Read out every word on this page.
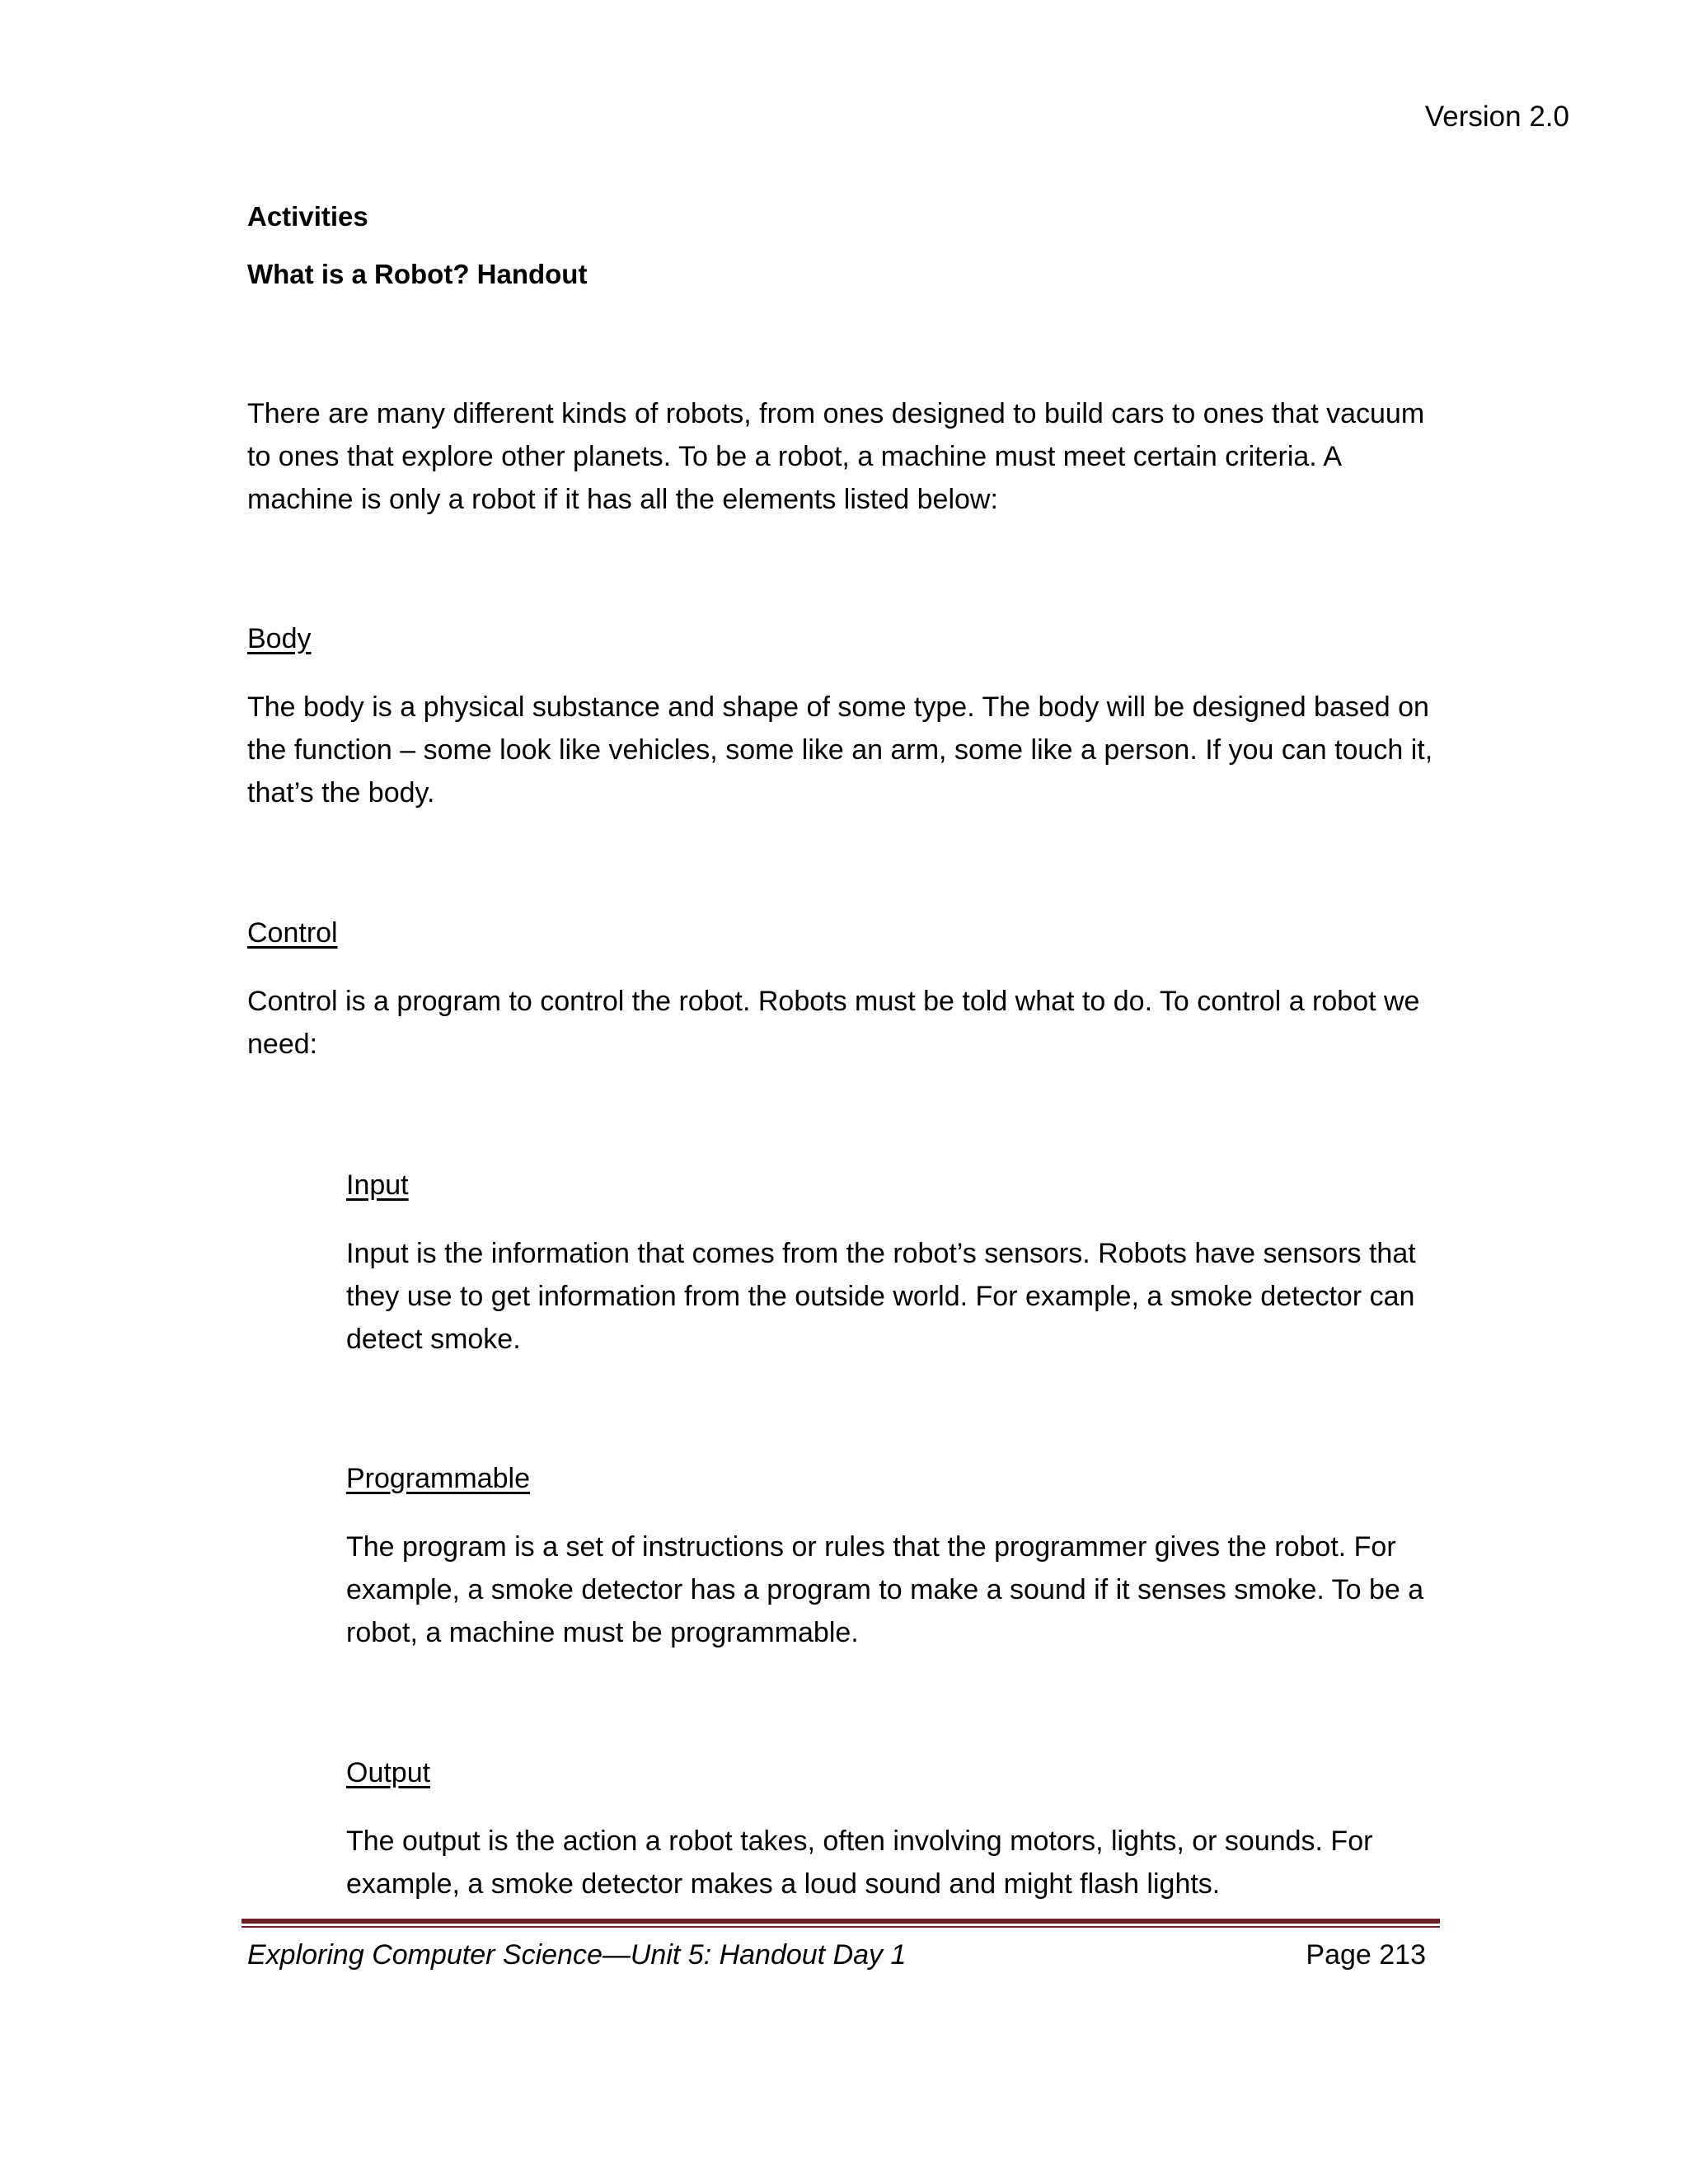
Version 2.0
Activities
What is a Robot? Handout
There are many different kinds of robots, from ones designed to build cars to ones that vacuum to ones that explore other planets. To be a robot, a machine must meet certain criteria. A machine is only a robot if it has all the elements listed below:
Body
The body is a physical substance and shape of some type. The body will be designed based on the function – some look like vehicles, some like an arm, some like a person. If you can touch it, that’s the body.
Control
Control is a program to control the robot. Robots must be told what to do. To control a robot we need:
Input
Input is the information that comes from the robot’s sensors. Robots have sensors that they use to get information from the outside world. For example, a smoke detector can detect smoke.
Programmable
The program is a set of instructions or rules that the programmer gives the robot. For example, a smoke detector has a program to make a sound if it senses smoke. To be a robot, a machine must be programmable.
Output
The output is the action a robot takes, often involving motors, lights, or sounds. For example, a smoke detector makes a loud sound and might flash lights.
Exploring Computer Science—Unit 5: Handout Day 1	Page 213
